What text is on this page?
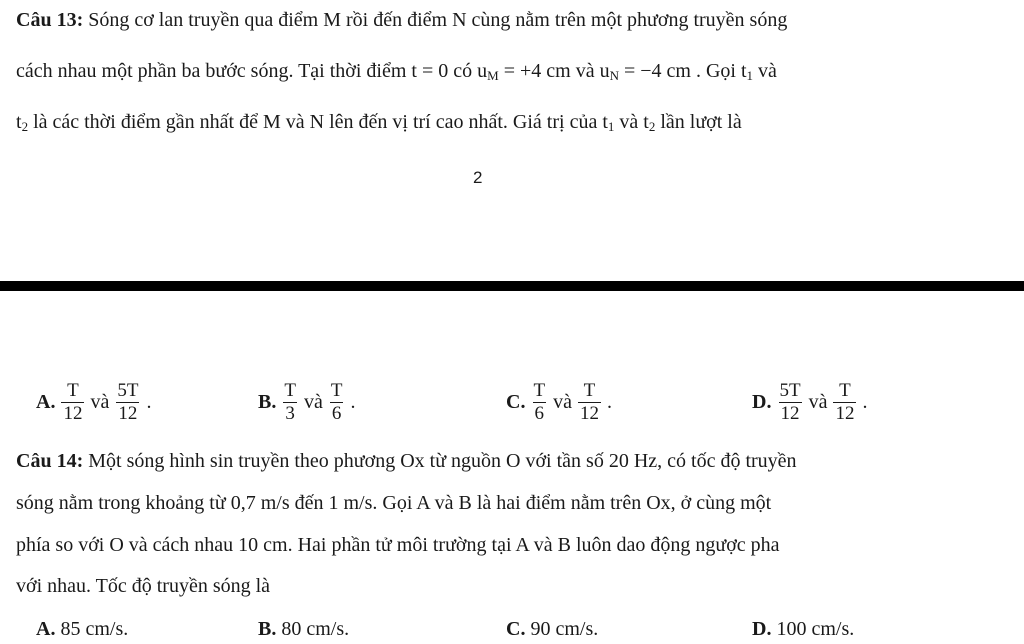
Câu 13: Sóng cơ lan truyền qua điểm M rồi đến điểm N cùng nằm trên một phương truyền sóng
cách nhau một phần ba bước sóng. Tại thời điểm t = 0 có $u_M = +4$ cm và $u_N = -4$ cm . Gọi $t_1$ và
$t_2$ là các thời điểm gần nhất để M và N lên đến vị trí cao nhất. Giá trị của $t_1$ và $t_2$ lần lượt là
2
A. $\frac{T}{12}$ và $\frac{5T}{12}$ .	B. $\frac{T}{3}$ và $\frac{T}{6}$ .	C. $\frac{T}{6}$ và $\frac{T}{12}$ .	D. $\frac{5T}{12}$ và $\frac{T}{12}$ .
Câu 14: Một sóng hình sin truyền theo phương Ox từ nguồn O với tần số 20 Hz, có tốc độ truyền
sóng nằm trong khoảng từ 0,7 m/s đến 1 m/s. Gọi A và B là hai điểm nằm trên Ox, ở cùng một
phía so với O và cách nhau 10 cm. Hai phần tử môi trường tại A và B luôn dao động ngược pha
với nhau. Tốc độ truyền sóng là
A. 85 cm/s.	B. 80 cm/s.	C. 90 cm/s.	D. 100 cm/s.
